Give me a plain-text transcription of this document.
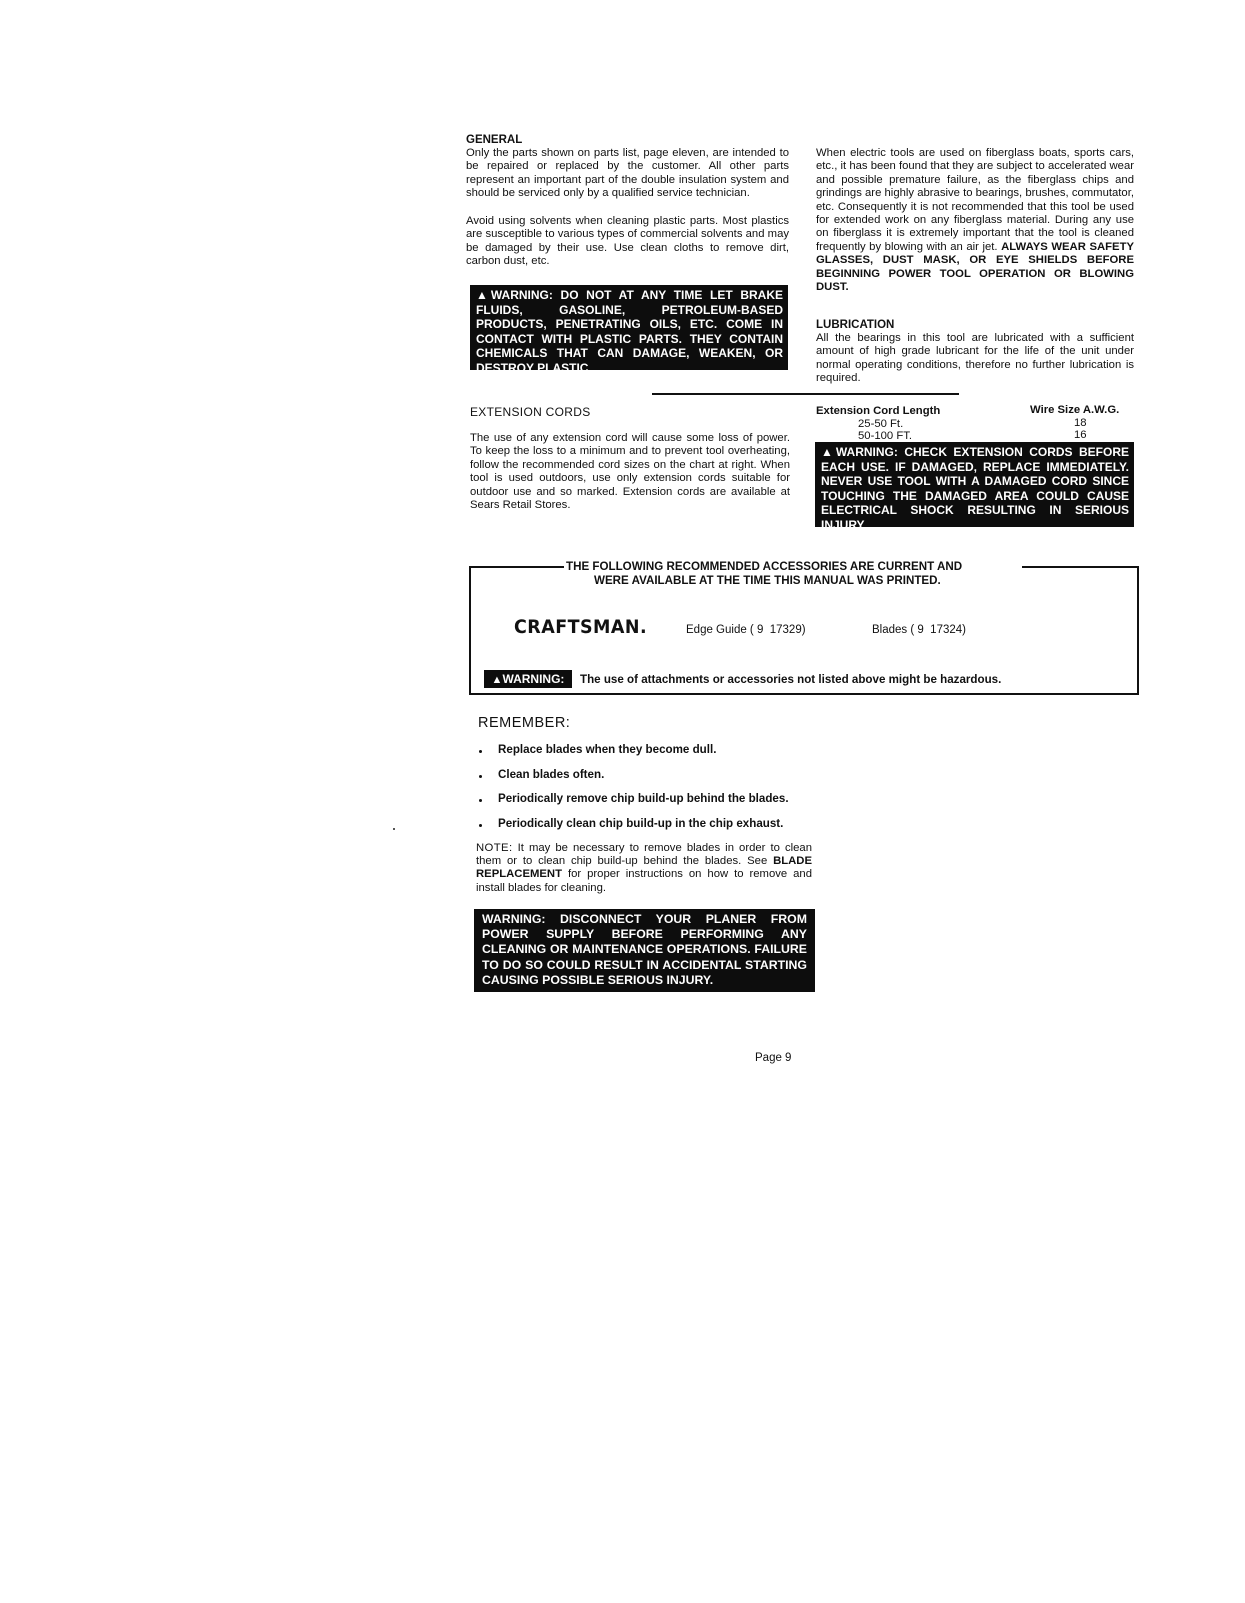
GENERAL
Only the parts shown on parts list, page eleven, are intended to be repaired or replaced by the customer. All other parts represent an important part of the double insulation system and should be serviced only by a qualified service technician.
Avoid using solvents when cleaning plastic parts. Most plastics are susceptible to various types of commercial solvents and may be damaged by their use. Use clean cloths to remove dirt, carbon dust, etc.
▲ WARNING: DO NOT AT ANY TIME LET BRAKE FLUIDS, GASOLINE, PETROLEUM-BASED PRODUCTS, PENETRATING OILS, ETC. COME IN CONTACT WITH PLASTIC PARTS. THEY CONTAIN CHEMICALS THAT CAN DAMAGE, WEAKEN, OR DESTROY PLASTIC.
When electric tools are used on fiberglass boats, sports cars, etc., it has been found that they are subject to accelerated wear and possible premature failure, as the fiberglass chips and grindings are highly abrasive to bearings, brushes, commutator, etc. Consequently it is not recommended that this tool be used for extended work on any fiberglass material. During any use on fiberglass it is extremely important that the tool is cleaned frequently by blowing with an air jet. ALWAYS WEAR SAFETY GLASSES, DUST MASK, OR EYE SHIELDS BEFORE BEGINNING POWER TOOL OPERATION OR BLOWING DUST.
LUBRICATION
All the bearings in this tool are lubricated with a sufficient amount of high grade lubricant for the life of the unit under normal operating conditions, therefore no further lubrication is required.
EXTENSION CORDS
The use of any extension cord will cause some loss of power. To keep the loss to a minimum and to prevent tool overheating, follow the recommended cord sizes on the chart at right. When tool is used outdoors, use only extension cords suitable for outdoor use and so marked. Extension cords are available at Sears Retail Stores.
Extension Cord Length	Wire Size A.W.G.
25-50 Ft.	18
50-100 FT.	16
▲ WARNING: CHECK EXTENSION CORDS BEFORE EACH USE. IF DAMAGED, REPLACE IMMEDIATELY. NEVER USE TOOL WITH A DAMAGED CORD SINCE TOUCHING THE DAMAGED AREA COULD CAUSE ELECTRICAL SHOCK RESULTING IN SERIOUS INJURY.
THE FOLLOWING RECOMMENDED ACCESSORIES ARE CURRENT AND
WERE AVAILABLE AT THE TIME THIS MANUAL WAS PRINTED.
CRAFTSMAN.	Edge Guide ( 9  17329)	Blades ( 9  17324)
▲WARNING:	The use of attachments or accessories not listed above might be hazardous.
REMEMBER:
Replace blades when they become dull.
Clean blades often.
Periodically remove chip build-up behind the blades.
Periodically clean chip build-up in the chip exhaust.
NOTE: It may be necessary to remove blades in order to clean them or to clean chip build-up behind the blades. See BLADE REPLACEMENT for proper instructions on how to remove and install blades for cleaning.
WARNING: DISCONNECT YOUR PLANER FROM POWER SUPPLY BEFORE PERFORMING ANY CLEANING OR MAINTENANCE OPERATIONS. FAILURE TO DO SO COULD RESULT IN ACCIDENTAL STARTING CAUSING POSSIBLE SERIOUS INJURY.
Page 9
